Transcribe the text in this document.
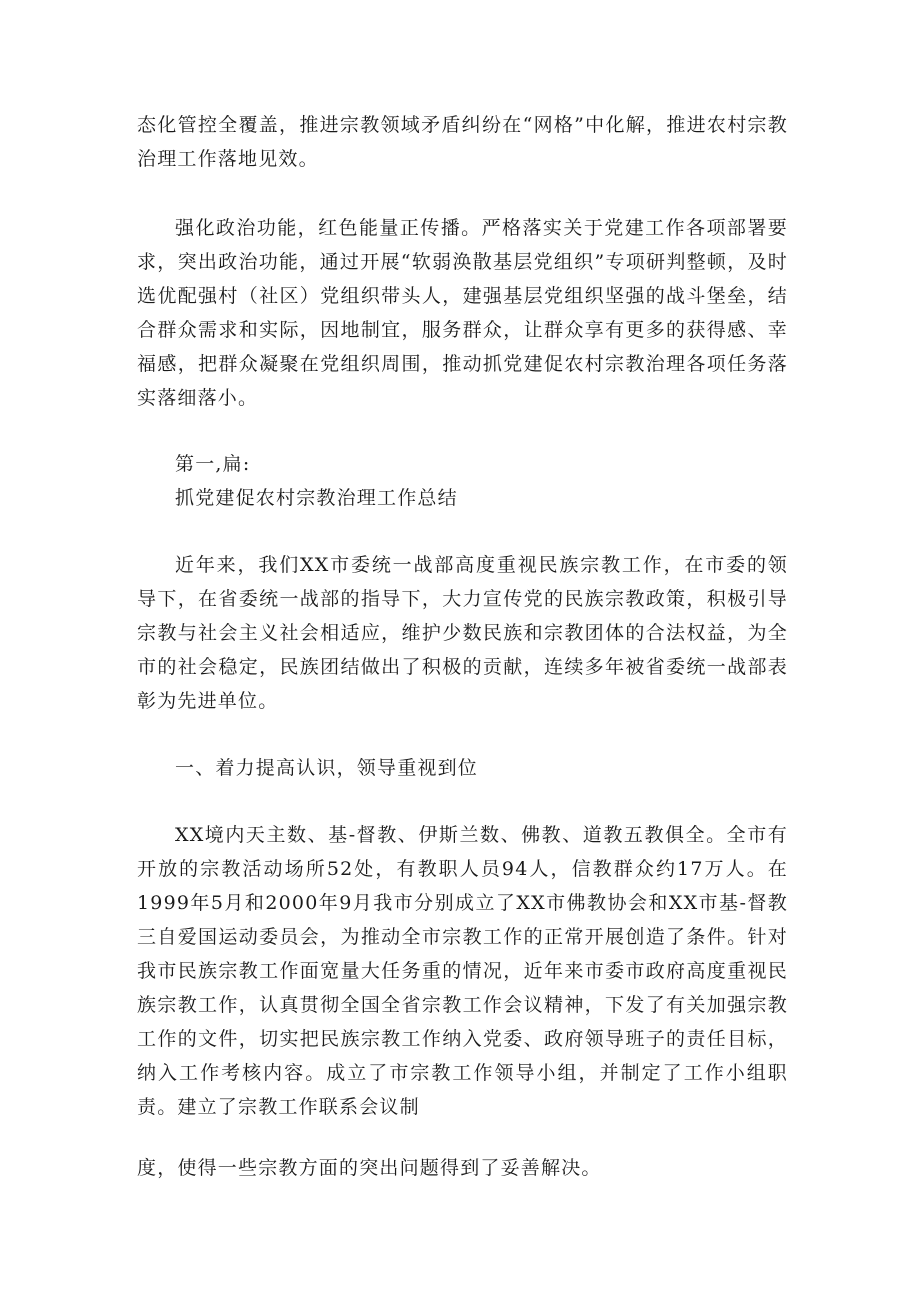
态化管控全覆盖，推进宗教领域矛盾纠纷在“网格”中化解，推进农村宗教治理工作落地见效。

强化政治功能，红色能量正传播。严格落实关于党建工作各项部署要求，突出政治功能，通过开展“软弱涣散基层党组织”专项研判整顿，及时选优配强村（社区）党组织带头人，建强基层党组织坚强的战斗堡垒，结合群众需求和实际，因地制宜，服务群众，让群众享有更多的获得感、幸福感，把群众凝聚在党组织周围，推动抓党建促农村宗教治理各项任务落实落细落小。

第一,扁:

抓党建促农村宗教治理工作总结

近年来，我们XX市委统一战部高度重视民族宗教工作，在市委的领导下，在省委统一战部的指导下，大力宣传党的民族宗教政策，积极引导宗教与社会主义社会相适应，维护少数民族和宗教团体的合法权益，为全市的社会稳定，民族团结做出了积极的贡献，连续多年被省委统一战部表彰为先进单位。

一、着力提高认识，领导重视到位

XX境内天主数、基-督教、伊斯兰数、佛教、道教五教俱全。全市有开放的宗教活动场所52处，有教职人员94人，信教群众约17万人。在1999年5月和2000年9月我市分别成立了XX市佛教协会和XX市基-督教三自爱国运动委员会，为推动全市宗教工作的正常开展创造了条件。针对我市民族宗教工作面宽量大任务重的情况，近年来市委市政府高度重视民族宗教工作，认真贯彻全国全省宗教工作会议精神，下发了有关加强宗教工作的文件，切实把民族宗教工作纳入党委、政府领导班子的责任目标，纳入工作考核内容。成立了市宗教工作领导小组，并制定了工作小组职责。建立了宗教工作联系会议制

度，使得一些宗教方面的突出问题得到了妥善解决。
